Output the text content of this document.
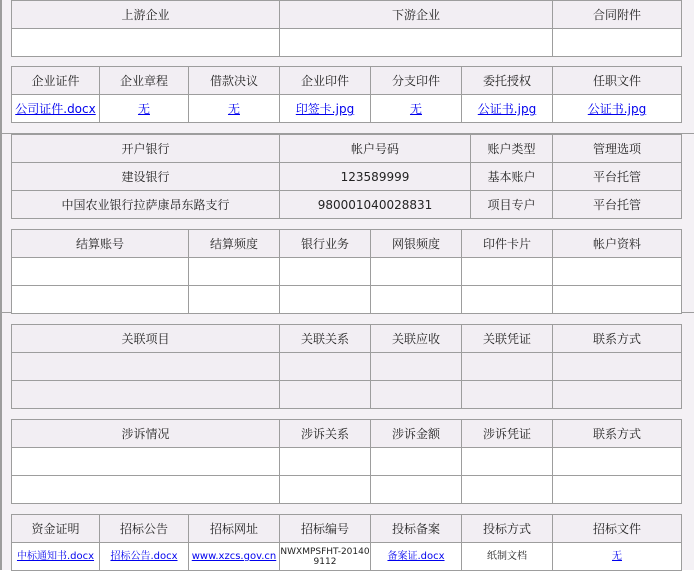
上游企业	下游企业	合同附件

企业证件	企业章程	借款决议	企业印件	分支印件	委托授权	任职文件
公司证件.docx	无	无	印签卡.jpg	无	公证书.jpg	公证书.jpg
开户银行	帐户号码	账户类型	管理选项
建设银行	123589999	基本账户	平台托管
中国农业银行拉萨康昂东路支行	980001040028831	项目专户	平台托管
结算账号	结算频度	银行业务	网银频度	印件卡片	帐户资料

关联项目	关联关系	关联应收	关联凭证	联系方式

涉诉情况	涉诉关系	涉诉金额	涉诉凭证	联系方式

资金证明	招标公告	招标网址	招标编号	投标备案	投标方式	招标文件
中标通知书.docx	招标公告.docx	www.xzcs.gov.cn	NWXMPSFHT-201409112	备案证.docx	纸制文档	无
